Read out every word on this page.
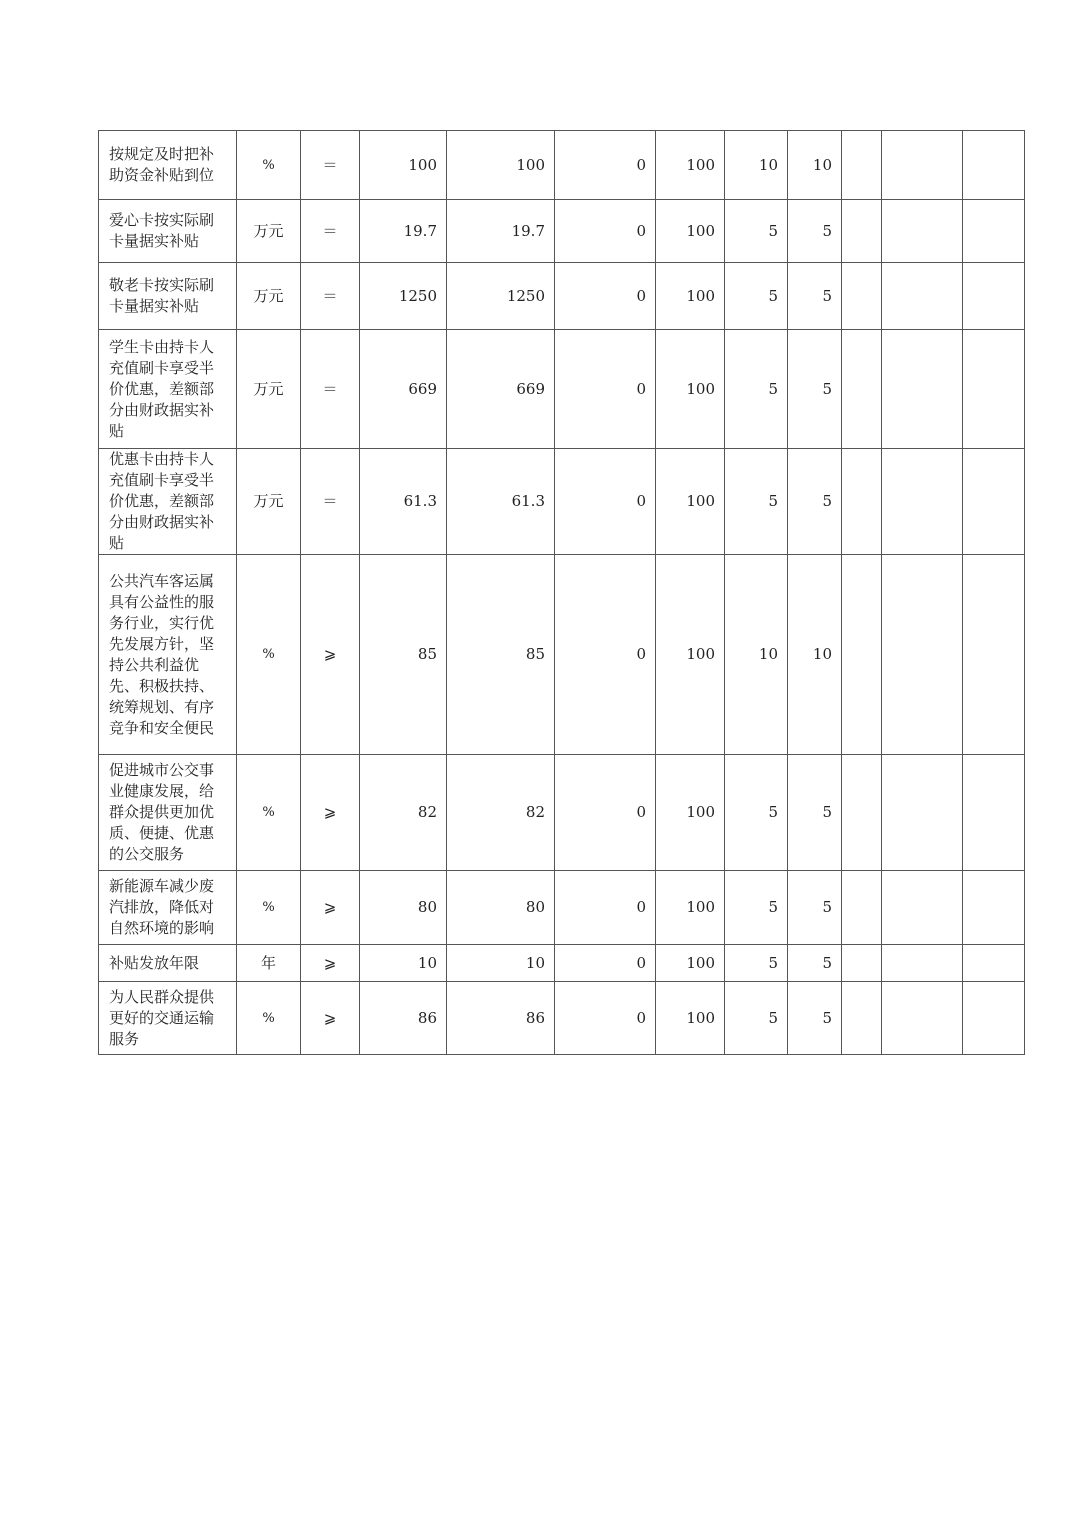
按规定及时把补助资金补贴到位	%	＝	100	100	0	100	10	10			
爱心卡按实际刷卡量据实补贴	万元	＝	19.7	19.7	0	100	5	5			
敬老卡按实际刷卡量据实补贴	万元	＝	1250	1250	0	100	5	5			
学生卡由持卡人充值刷卡享受半价优惠，差额部分由财政据实补贴	万元	＝	669	669	0	100	5	5			
优惠卡由持卡人充值刷卡享受半价优惠，差额部分由财政据实补贴	万元	＝	61.3	61.3	0	100	5	5			
公共汽车客运属具有公益性的服务行业，实行优先发展方针，坚持公共利益优先、积极扶持、统筹规划、有序竞争和安全便民	%	⩾	85	85	0	100	10	10			
促进城市公交事业健康发展，给群众提供更加优质、便捷、优惠的公交服务	%	⩾	82	82	0	100	5	5			
新能源车减少废汽排放，降低对自然环境的影响	%	⩾	80	80	0	100	5	5			
补贴发放年限	年	⩾	10	10	0	100	5	5			
为人民群众提供更好的交通运输服务	%	⩾	86	86	0	100	5	5			
